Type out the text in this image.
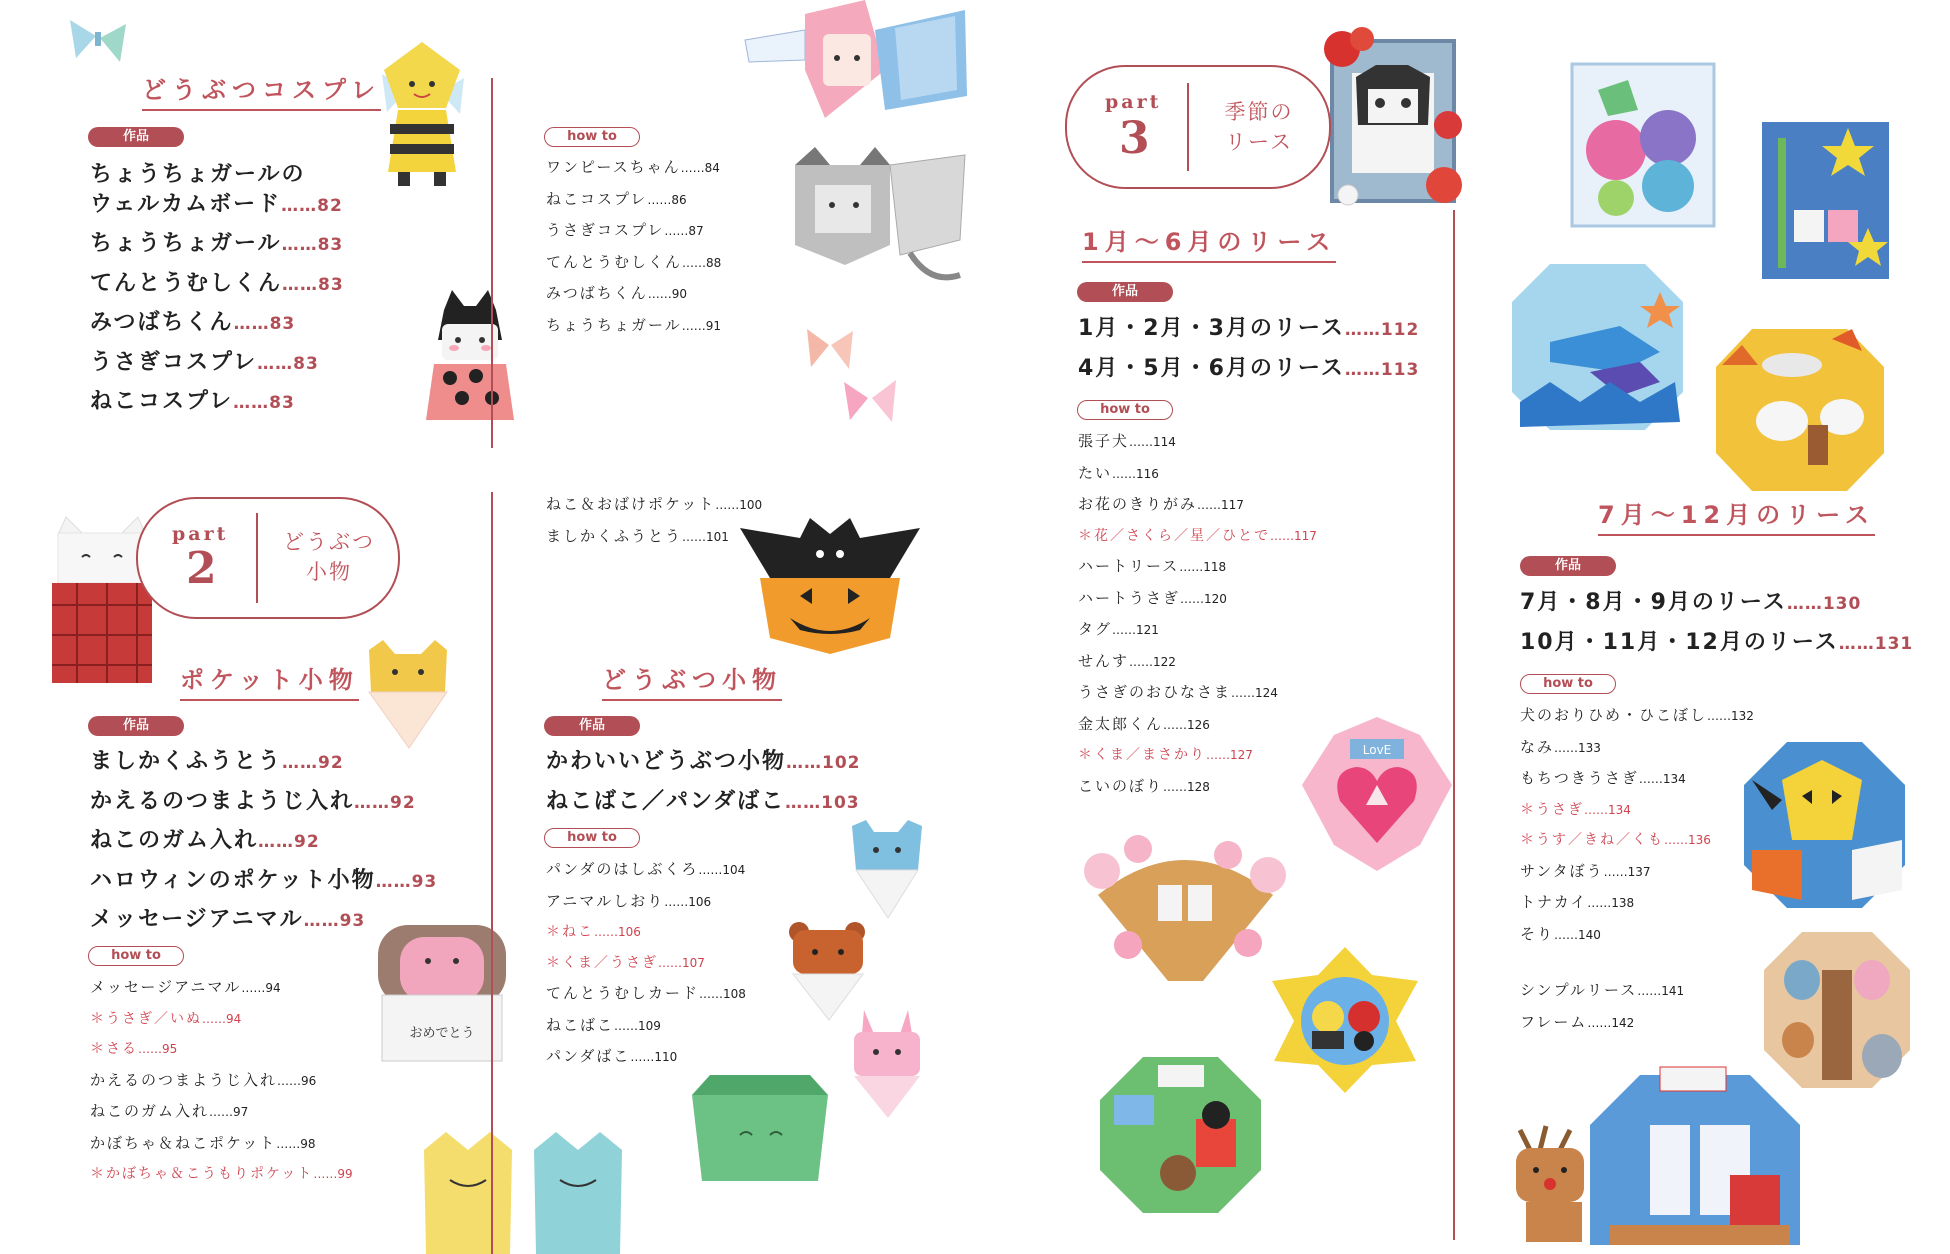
おめでとう
LovE
part
2
どうぶつ
小物
part
3
季節の
リース
どうぶつコスプレ
作品
ちょうちょガールの
ウェルカムボード……82
ちょうちょガール……83
てんとうむしくん……83
みつばちくん……83
うさぎコスプレ……83
ねこコスプレ……83
how to
ワンピースちゃん……84
ねこコスプレ……86
うさぎコスプレ……87
てんとうむしくん……88
みつばちくん……90
ちょうちょガール……91
ポケット小物
作品
ましかくふうとう……92
かえるのつまようじ入れ……92
ねこのガム入れ……92
ハロウィンのポケット小物……93
メッセージアニマル……93
how to
メッセージアニマル……94
＊うさぎ／いぬ……94
＊さる……95
かえるのつまようじ入れ……96
ねこのガム入れ……97
かぼちゃ＆ねこポケット……98
＊かぼちゃ＆こうもりポケット……99
ねこ＆おばけポケット……100
ましかくふうとう……101
どうぶつ小物
作品
かわいいどうぶつ小物……102
ねこばこ／パンダばこ……103
how to
パンダのはしぶくろ……104
アニマルしおり……106
＊ねこ……106
＊くま／うさぎ……107
てんとうむしカード……108
ねこばこ……109
パンダばこ……110
1月～6月のリース
作品
1月・2月・3月のリース……112
4月・5月・6月のリース……113
how to
張子犬……114
たい……116
お花のきりがみ……117
＊花／さくら／星／ひとで……117
ハートリース……118
ハートうさぎ……120
タグ……121
せんす……122
うさぎのおひなさま……124
金太郎くん……126
＊くま／まさかり……127
こいのぼり……128
7月～12月のリース
作品
7月・8月・9月のリース……130
10月・11月・12月のリース……131
how to
犬のおりひめ・ひこぼし……132
なみ……133
もちつきうさぎ……134
＊うさぎ……134
＊うす／きね／くも……136
サンタぼう……137
トナカイ……138
そり……140
シンプルリース……141
フレーム……142
